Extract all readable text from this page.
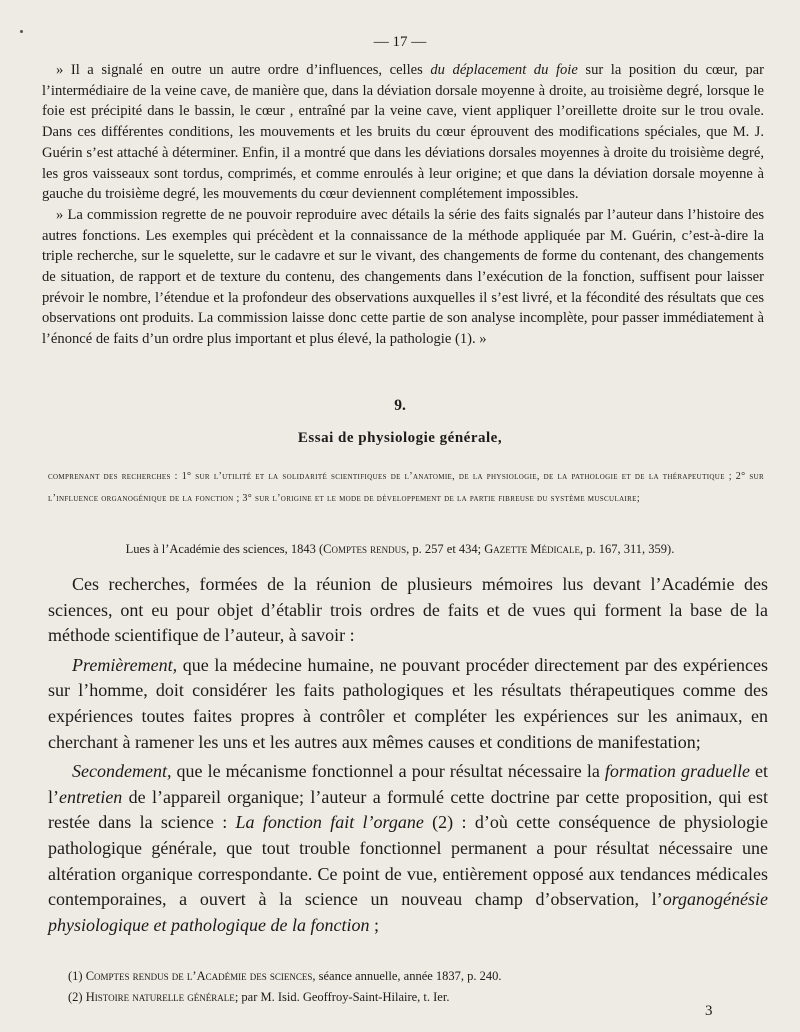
— 17 —

» Il a signalé en outre un autre ordre d’influences, celles du déplacement du foie sur la position du cœur, par l’intermédiaire de la veine cave, de manière que, dans la déviation dorsale moyenne à droite, au troisième degré, lorsque le foie est précipité dans le bassin, le cœur , entraîné par la veine cave, vient appliquer l’oreillette droite sur le trou ovale. Dans ces différentes conditions, les mouvements et les bruits du cœur éprouvent des modifications spéciales, que M. J. Guérin s’est attaché à déterminer. Enfin, il a montré que dans les déviations dorsales moyennes à droite du troisième degré, les gros vaisseaux sont tordus, comprimés, et comme enroulés à leur origine; et que dans la déviation dorsale moyenne à gauche du troisième degré, les mouvements du cœur deviennent complétement impossibles.

» La commission regrette de ne pouvoir reproduire avec détails la série des faits signalés par l’auteur dans l’histoire des autres fonctions. Les exemples qui précèdent et la connaissance de la méthode appliquée par M. Guérin, c’est-à-dire la triple recherche, sur le squelette, sur le cadavre et sur le vivant, des changements de forme du contenant, des changements de situation, de rapport et de texture du contenu, des changements dans l’exécution de la fonction, suffisent pour laisser prévoir le nombre, l’étendue et la profondeur des observations auxquelles il s’est livré, et la fécondité des résultats que ces observations ont produits. La commission laisse donc cette partie de son analyse incomplète, pour passer immédiatement à l’énoncé de faits d’un ordre plus important et plus élevé, la pathologie (1). »

9.
Essai de physiologie générale,
comprenant des recherches : 1° sur l’utilité et la solidarité scientifiques de l’anatomie, de la physiologie, de la pathologie et de la thérapeutique ; 2° sur l’influence organogénique de la fonction ; 3° sur l’origine et le mode de développement de la partie fibreuse du système musculaire;
Lues à l’Académie des sciences, 1843 (Comptes rendus, p. 257 et 434; Gazette Médicale, p. 167, 311, 359).

Ces recherches, formées de la réunion de plusieurs mémoires lus devant l’Académie des sciences, ont eu pour objet d’établir trois ordres de faits et de vues qui forment la base de la méthode scientifique de l’auteur, à savoir :

Premièrement, que la médecine humaine, ne pouvant procéder directement par des expériences sur l’homme, doit considérer les faits pathologiques et les résultats thérapeutiques comme des expériences toutes faites propres à contrôler et compléter les expériences sur les animaux, en cherchant à ramener les uns et les autres aux mêmes causes et conditions de manifestation;

Secondement, que le mécanisme fonctionnel a pour résultat nécessaire la formation graduelle et l’entretien de l’appareil organique; l’auteur a formulé cette doctrine par cette proposition, qui est restée dans la science : La fonction fait l’organe (2) : d’où cette conséquence de physiologie pathologique générale, que tout trouble fonctionnel permanent a pour résultat nécessaire une altération organique correspondante. Ce point de vue, entièrement opposé aux tendances médicales contemporaines, a ouvert à la science un nouveau champ d’observation, l’organogénésie physiologique et pathologique de la fonction ;

(1) Comptes rendus de l’Académie des sciences, séance annuelle, année 1837, p. 240.
(2) Histoire naturelle générale; par M. Isid. Geoffroy-Saint-Hilaire, t. Ier.
3
